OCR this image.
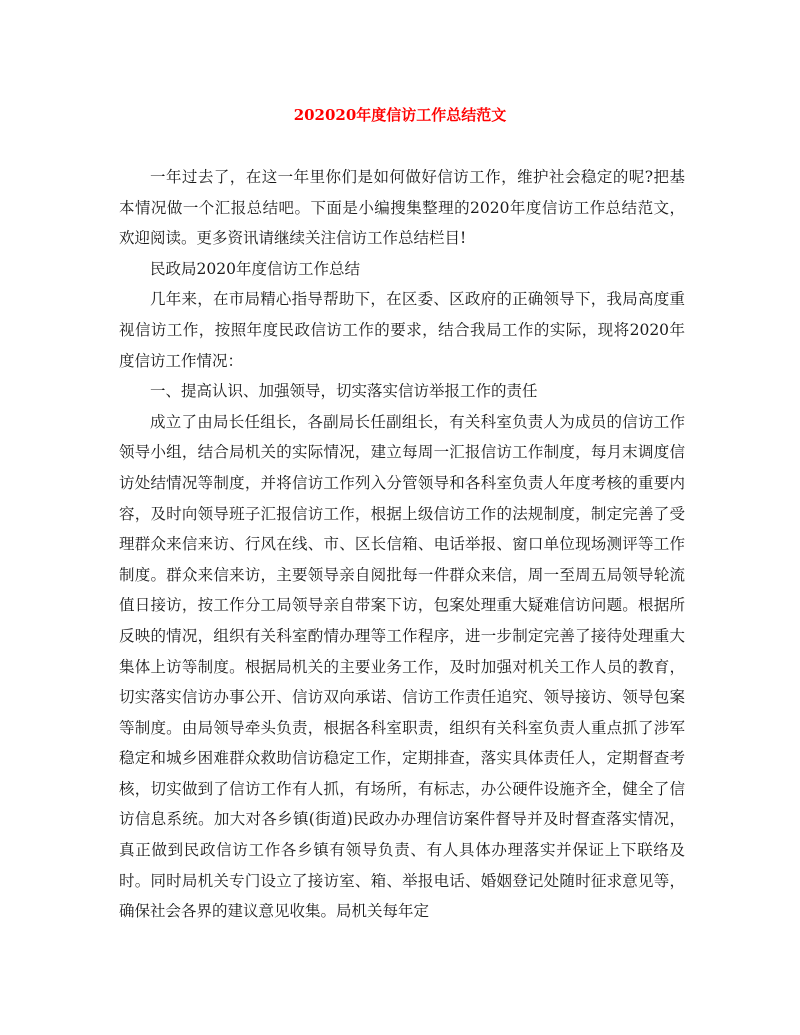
202020年度信访工作总结范文

一年过去了，在这一年里你们是如何做好信访工作，维护社会稳定的呢?把基本情况做一个汇报总结吧。下面是小编搜集整理的2020年度信访工作总结范文，欢迎阅读。更多资讯请继续关注信访工作总结栏目!

民政局2020年度信访工作总结

几年来，在市局精心指导帮助下，在区委、区政府的正确领导下，我局高度重视信访工作，按照年度民政信访工作的要求，结合我局工作的实际，现将2020年度信访工作情况：

一、提高认识、加强领导，切实落实信访举报工作的责任

成立了由局长任组长，各副局长任副组长，有关科室负责人为成员的信访工作领导小组，结合局机关的实际情况，建立每周一汇报信访工作制度，每月末调度信访处结情况等制度，并将信访工作列入分管领导和各科室负责人年度考核的重要内容，及时向领导班子汇报信访工作，根据上级信访工作的法规制度，制定完善了受理群众来信来访、行风在线、市、区长信箱、电话举报、窗口单位现场测评等工作制度。群众来信来访，主要领导亲自阅批每一件群众来信，周一至周五局领导轮流值日接访，按工作分工局领导亲自带案下访，包案处理重大疑难信访问题。根据所反映的情况，组织有关科室酌情办理等工作程序，进一步制定完善了接待处理重大集体上访等制度。根据局机关的主要业务工作，及时加强对机关工作人员的教育，切实落实信访办事公开、信访双向承诺、信访工作责任追究、领导接访、领导包案等制度。由局领导牵头负责，根据各科室职责，组织有关科室负责人重点抓了涉军稳定和城乡困难群众救助信访稳定工作，定期排查，落实具体责任人，定期督查考核，切实做到了信访工作有人抓，有场所，有标志，办公硬件设施齐全，健全了信访信息系统。加大对各乡镇(街道)民政办办理信访案件督导并及时督查落实情况，真正做到民政信访工作各乡镇有领导负责、有人具体办理落实并保证上下联络及时。同时局机关专门设立了接访室、箱、举报电话、婚姻登记处随时征求意见等，确保社会各界的建议意见收集。局机关每年定
